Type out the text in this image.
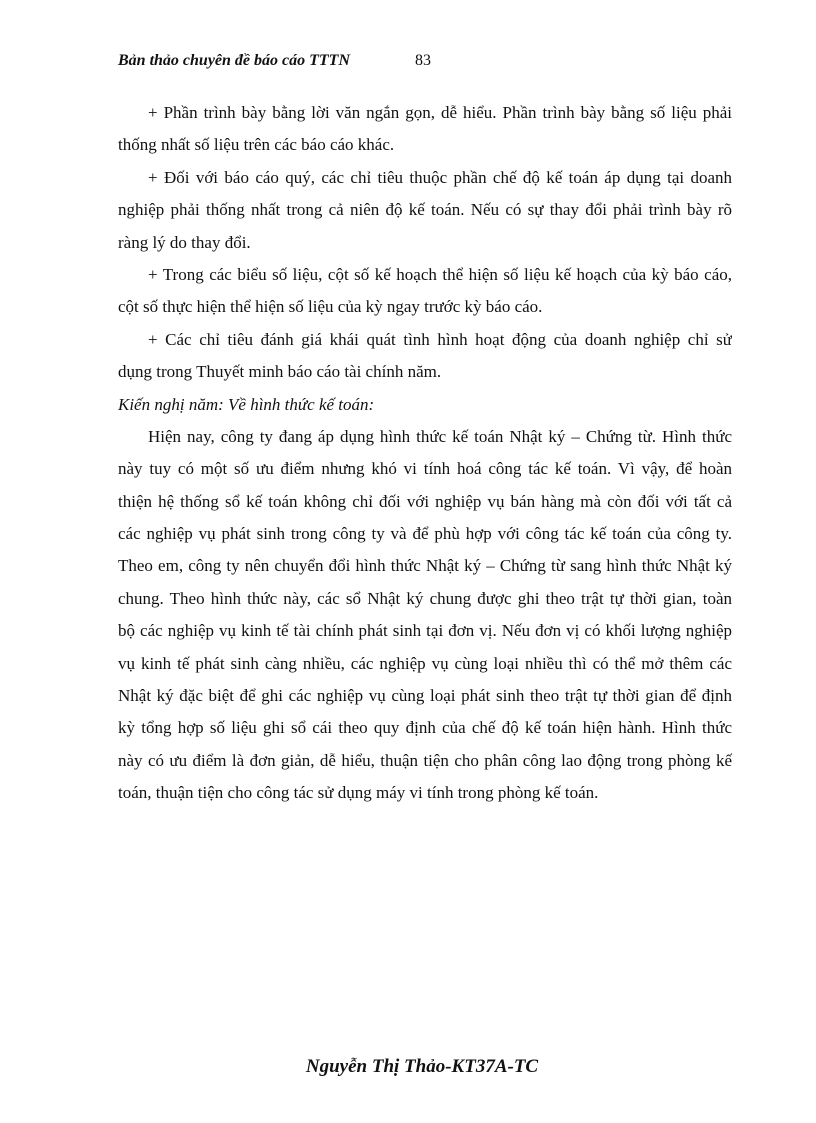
Bản thảo chuyên đề báo cáo TTTN	83
+ Phần trình bày bằng lời văn ngắn gọn, dễ hiểu. Phần trình bày bằng số liệu phải
thống nhất số liệu trên các báo cáo khác.
+ Đối với báo cáo quý, các chỉ tiêu thuộc phần chế độ kế toán áp dụng tại doanh
nghiệp phải thống nhất trong cả niên độ kế toán. Nếu có sự thay đổi phải trình bày rõ
ràng lý do thay đổi.
+ Trong các biểu số liệu, cột số kế hoạch thể hiện số liệu kế hoạch của kỳ báo cáo,
cột số thực hiện thể hiện số liệu của kỳ ngay trước kỳ báo cáo.
+ Các chỉ tiêu đánh giá khái quát tình hình hoạt động của doanh nghiệp chỉ sử
dụng trong Thuyết minh báo cáo tài chính năm.
Kiến nghị năm: Về hình thức kế toán:
Hiện nay, công ty đang áp dụng hình thức kế toán Nhật ký – Chứng từ. Hình thức
này tuy có một số ưu điểm nhưng khó vi tính hoá công tác kế toán. Vì vậy, để hoàn
thiện hệ thống sổ kế toán không chỉ đối với nghiệp vụ bán hàng mà còn đối với tất cả
các nghiệp vụ phát sinh trong công ty và để phù hợp với công tác kế toán của công ty.
Theo em, công ty nên chuyển đổi hình thức Nhật ký – Chứng từ sang hình thức Nhật ký
chung. Theo hình thức này, các sổ Nhật ký chung được ghi theo trật tự thời gian, toàn
bộ các nghiệp vụ kinh tế tài chính phát sinh tại đơn vị. Nếu đơn vị có khối lượng nghiệp
vụ kinh tế phát sinh càng nhiều, các nghiệp vụ cùng loại nhiều thì có thể mở thêm các
Nhật ký đặc biệt để ghi các nghiệp vụ cùng loại phát sinh theo trật tự thời gian để định
kỳ tổng hợp số liệu ghi sổ cái theo quy định của chế độ kế toán hiện hành. Hình thức
này có ưu điểm là đơn giản, dễ hiểu, thuận tiện cho phân công lao động trong phòng kế
toán, thuận tiện cho công tác sử dụng máy vi tính trong phòng kế toán.
Nguyễn Thị Thảo-KT37A-TC
